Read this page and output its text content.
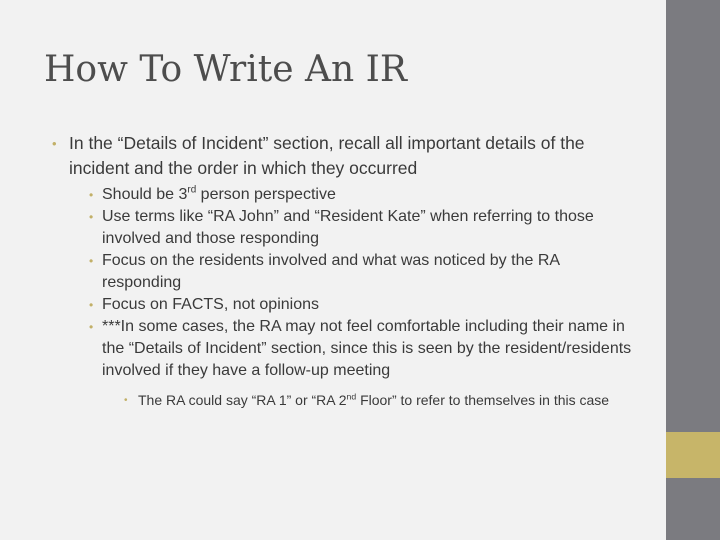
How To Write An IR
• In the “Details of Incident” section, recall all important details of the incident and the order in which they occurred
• Should be 3rd person perspective
• Use terms like “RA John” and “Resident Kate” when referring to those involved and those responding
• Focus on the residents involved and what was noticed by the RA responding
• Focus on FACTS, not opinions
• ***In some cases, the RA may not feel comfortable including their name in the “Details of Incident” section, since this is seen by the resident/residents involved if they have a follow-up meeting
• The RA could say “RA 1” or “RA 2nd Floor” to refer to themselves in this case
